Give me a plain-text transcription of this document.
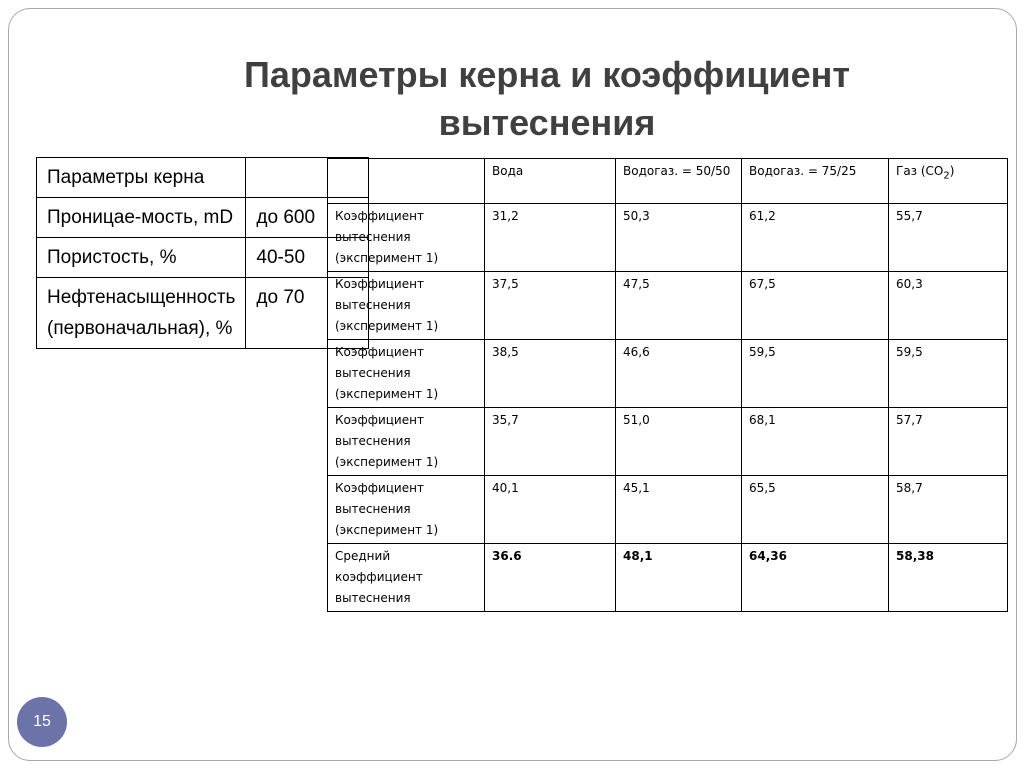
Параметры керна и коэффициент
вытеснения
Параметры керна	
Проницае-мость, mD	до 600
Пористость, %	40-50
Нефтенасыщенность (первоначальная), %	до 70
	Вода	Водогаз. = 50/50	Водогаз. = 75/25	Газ $(CO_2)$
Коэффициент вытеснения (эксперимент 1)	31,2	50,3	61,2	55,7
Коэффициент вытеснения (эксперимент 1)	37,5	47,5	67,5	60,3
Коэффициент вытеснения (эксперимент 1)	38,5	46,6	59,5	59,5
Коэффициент вытеснения (эксперимент 1)	35,7	51,0	68,1	57,7
Коэффициент вытеснения (эксперимент 1)	40,1	45,1	65,5	58,7
Средний коэффициент вытеснения	36.6	48,1	64,36	58,38
15
